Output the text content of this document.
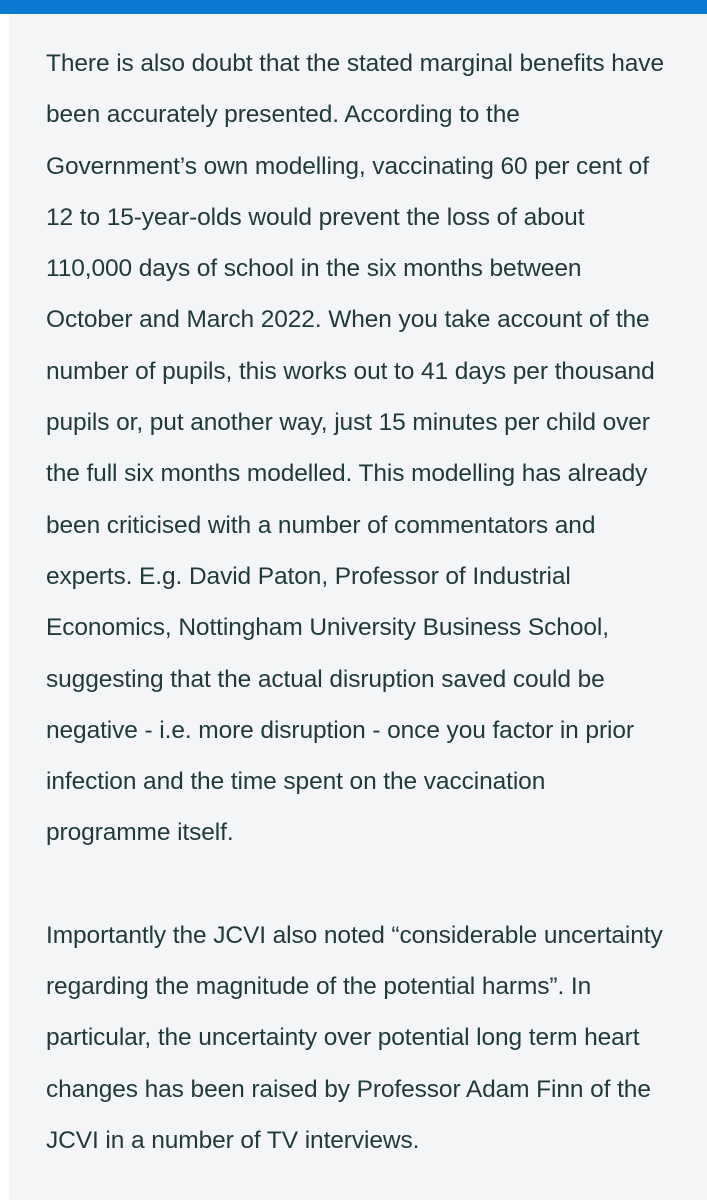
There is also doubt that the stated marginal benefits have been accurately presented. According to the Government’s own modelling, vaccinating 60 per cent of 12 to 15-year-olds would prevent the loss of about 110,000 days of school in the six months between October and March 2022. When you take account of the number of pupils, this works out to 41 days per thousand pupils or, put another way, just 15 minutes per child over the full six months modelled. This modelling has already been criticised with a number of commentators and experts. E.g. David Paton, Professor of Industrial Economics, Nottingham University Business School, suggesting that the actual disruption saved could be negative - i.e. more disruption - once you factor in prior infection and the time spent on the vaccination programme itself.

Importantly the JCVI also noted “considerable uncertainty regarding the magnitude of the potential harms”. In particular, the uncertainty over potential long term heart changes has been raised by Professor Adam Finn of the JCVI in a number of TV interviews.
